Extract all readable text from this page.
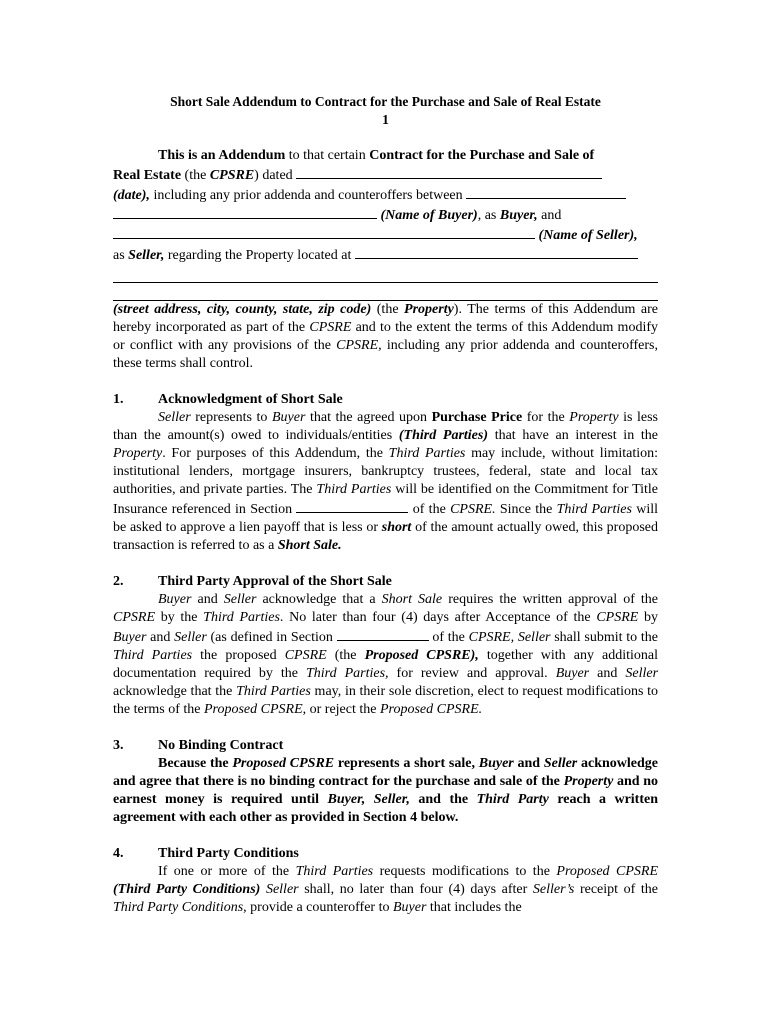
Short Sale Addendum to Contract for the Purchase and Sale of Real Estate
1
This is an Addendum to that certain Contract for the Purchase and Sale of
Real Estate (the CPSRE) dated
(date), including any prior addenda and counteroffers between
(Name of Buyer), as Buyer, and
(Name of Seller),
as Seller, regarding the Property located at
(street address, city, county, state, zip code) (the Property). The terms of this Addendum are hereby incorporated as part of the CPSRE and to the extent the terms of this Addendum modify or conflict with any provisions of the CPSRE, including any prior addenda and counteroffers, these terms shall control.
1.	Acknowledgment of Short Sale
Seller represents to Buyer that the agreed upon Purchase Price for the Property is less than the amount(s) owed to individuals/entities (Third Parties) that have an interest in the Property. For purposes of this Addendum, the Third Parties may include, without limitation: institutional lenders, mortgage insurers, bankruptcy trustees, federal, state and local tax authorities, and private parties. The Third Parties will be identified on the Commitment for Title Insurance referenced in Section	of the CPSRE. Since the Third Parties will be asked to approve a lien payoff that is less or short of the amount actually owed, this proposed transaction is referred to as a Short Sale.
2.	Third Party Approval of the Short Sale
Buyer and Seller acknowledge that a Short Sale requires the written approval of the CPSRE by the Third Parties. No later than four (4) days after Acceptance of the CPSRE by Buyer and Seller (as defined in Section	of the CPSRE, Seller shall submit to the Third Parties the proposed CPSRE (the Proposed CPSRE), together with any additional documentation required by the Third Parties, for review and approval. Buyer and Seller acknowledge that the Third Parties may, in their sole discretion, elect to request modifications to the terms of the Proposed CPSRE, or reject the Proposed CPSRE.
3.	No Binding Contract
Because the Proposed CPSRE represents a short sale, Buyer and Seller acknowledge and agree that there is no binding contract for the purchase and sale of the Property and no earnest money is required until Buyer, Seller, and the Third Party reach a written agreement with each other as provided in Section 4 below.
4.	Third Party Conditions
If one or more of the Third Parties requests modifications to the Proposed CPSRE (Third Party Conditions) Seller shall, no later than four (4) days after Seller’s receipt of the Third Party Conditions, provide a counteroffer to Buyer that includes the
